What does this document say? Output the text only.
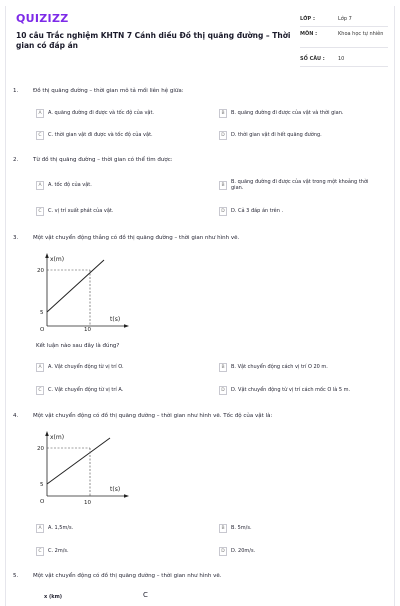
QUIZIZZ
10 câu Trắc nghiệm KHTN 7 Cánh diều Đồ thị quãng đường – Thời gian có đáp án
LỚP :	Lớp 7
MÔN :	Khoa học tự nhiên
SỐ CÂU :	10
1.	Đồ thị quãng đường – thời gian mô tả mối liên hệ giữa:
A	A. quãng đường đi được và tốc độ của vật.	B	B. quãng đường đi được của vật và thời gian.
C	C. thời gian vật đi được và tốc độ của vật.	D	D. thời gian vật đi hết quãng đường.
2.	Từ đồ thị quãng đường – thời gian có thể tìm được:
A	A. tốc độ của vật.	B
B. quãng đường đi được của vật trong một khoảng thời gian.
C	C. vị trí xuất phát của vật.	D	D. Cả 3 đáp án trên .
3.	Một vật chuyển động thẳng có đồ thị quãng đường – thời gian như hình vẽ.
x(m)
t(s)
20
5
O	10
Kết luận nào sau đây là đúng?
A	A. Vật chuyển động từ vị trí O.	B	B. Vật chuyển động cách vị trí O 20 m.
C	C. Vật chuyển động từ vị trí A.	D	D. Vật chuyển động từ vị trí cách mốc O là 5 m.
4.	Một vật chuyển động có đồ thị quãng đường – thời gian như hình vẽ. Tốc độ của vật là:
x(m)
t(s)
20
5
O	10
A	A. 1,5m/s.	B	B. 5m/s.
C	C. 2m/s.	D	D. 20m/s.
5.	Một vật chuyển động có đồ thị quãng đường – thời gian như hình vẽ.
x (km)	C
